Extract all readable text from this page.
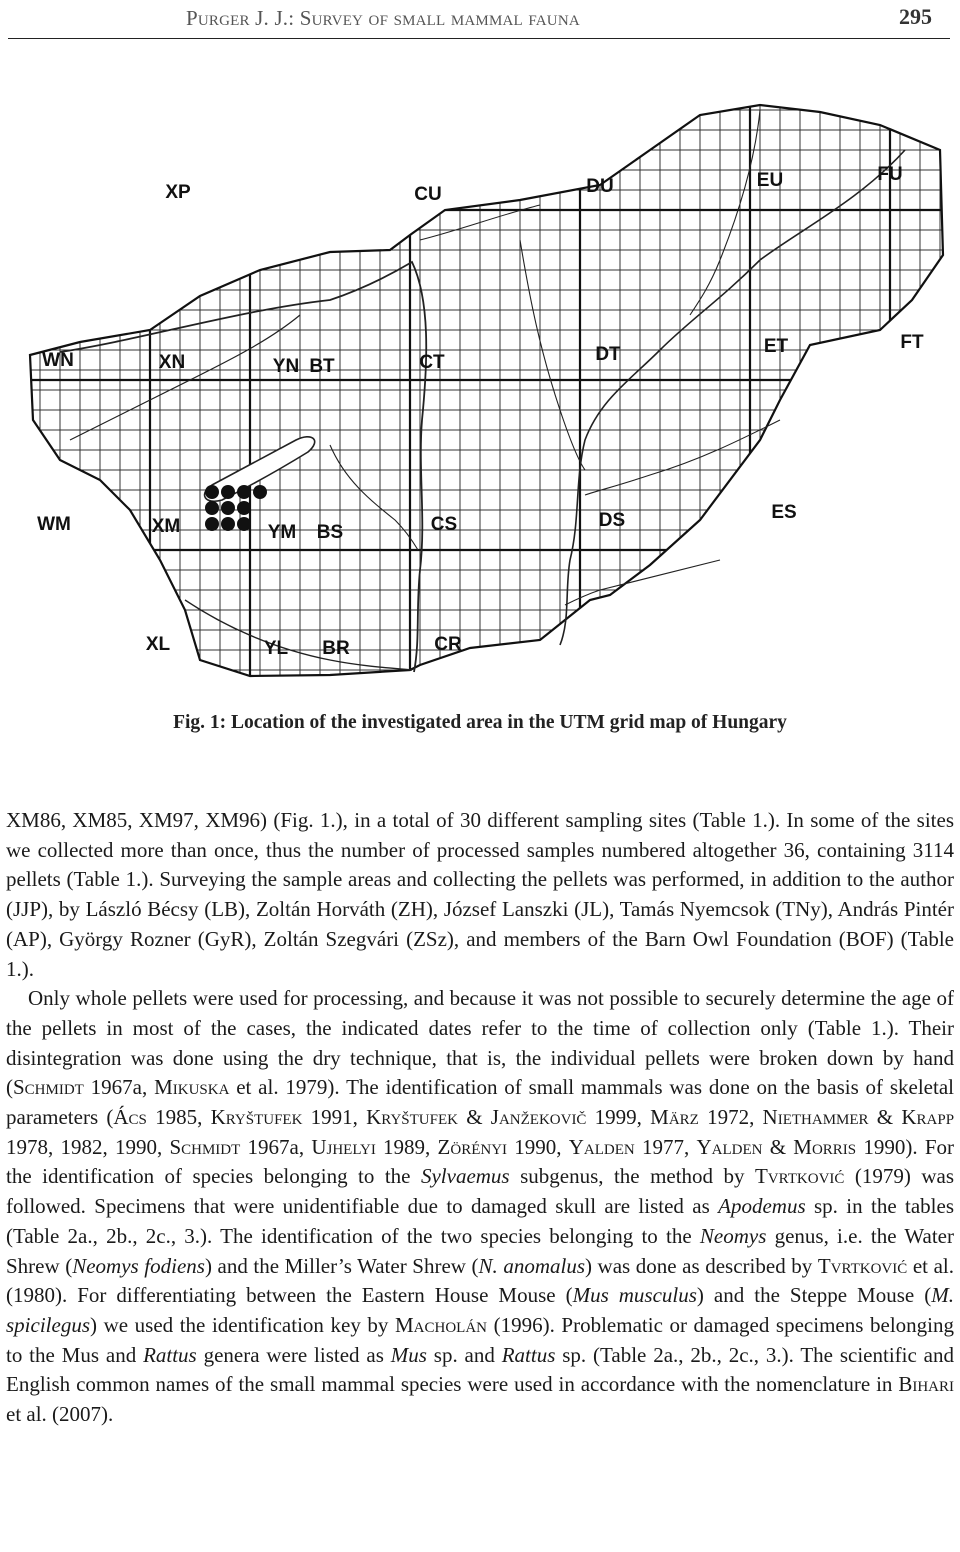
Purger J. J.: Survey of small mammal fauna	295
XP	CU	DU	EU	FU
WN	XN	YN BT	CT	DT	ET	FT
WM	XM	YM BS	CS	DS	ES
XL	YL BR	CR
Fig. 1: Location of the investigated area in the UTM grid map of Hungary

XM86, XM85, XM97, XM96) (Fig. 1.), in a total of 30 different sampling sites (Table 1.). In some of the sites we collected more than once, thus the number of processed samples numbered altogether 36, containing 3114 pellets (Table 1.). Surveying the sample areas and collecting the pellets was performed, in addition to the author (JJP), by László Bécsy (LB), Zoltán Horváth (ZH), József Lanszki (JL), Tamás Nyemcsok (TNy), András Pintér (AP), György Rozner (GyR), Zoltán Szegvári (ZSz), and members of the Barn Owl Foundation (BOF) (Table 1.).

Only whole pellets were used for processing, and because it was not possible to securely determine the age of the pellets in most of the cases, the indicated dates refer to the time of collection only (Table 1.). Their disintegration was done using the dry technique, that is, the individual pellets were broken down by hand (Schmidt 1967a, Mikuska et al. 1979). The identification of small mammals was done on the basis of skeletal parameters (Ács 1985, Kryštufek 1991, Kryštufek & Janžekovič 1999, März 1972, Niethammer & Krapp 1978, 1982, 1990, Schmidt 1967a, Ujhelyi 1989, Zörényi 1990, Yalden 1977, Yalden & Morris 1990). For the identification of species belonging to the Sylvaemus subgenus, the method by Tvrtković (1979) was followed. Specimens that were unidentifiable due to damaged skull are listed as Apodemus sp. in the tables (Table 2a., 2b., 2c., 3.). The identification of the two species belonging to the Neomys genus, i.e. the Water Shrew (Neomys fodiens) and the Miller’s Water Shrew (N. anomalus) was done as described by Tvrtković et al. (1980). For differentiating between the Eastern House Mouse (Mus musculus) and the Steppe Mouse (M. spicilegus) we used the identification key by Macholán (1996). Problematic or damaged specimens belonging to the Mus and Rattus genera were listed as Mus sp. and Rattus sp. (Table 2a., 2b., 2c., 3.). The scientific and English common names of the small mammal species were used in accordance with the nomenclature in Bihari et al. (2007).
